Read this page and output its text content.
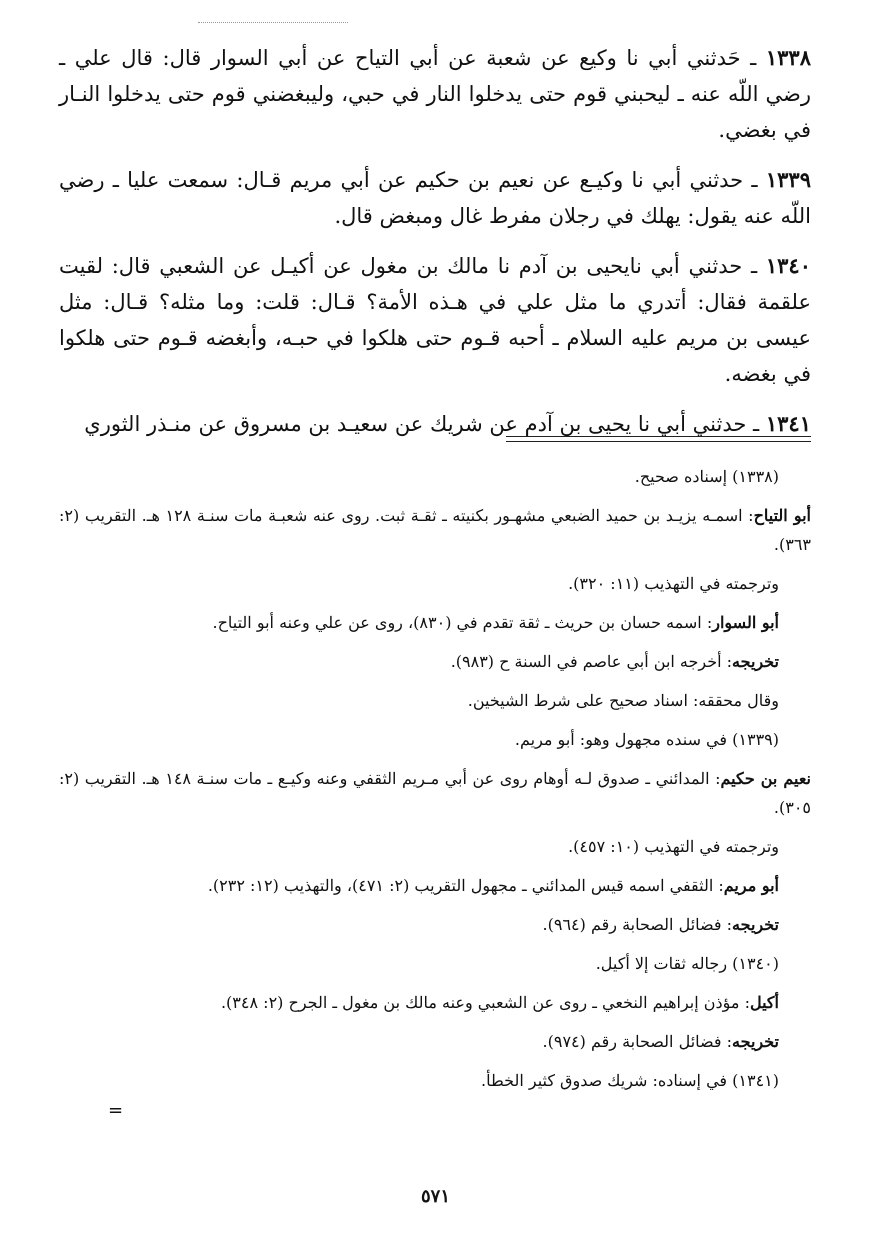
١٣٣٨ ـ حَدثني أبي نا وكيع عن شعبة عن أبي التياح عن أبي السوار قال: قال علي ـ رضي اللّه عنه ـ ليحبني قوم حتى يدخلوا النار في حبي، وليبغضني قوم حتى يدخلوا النـار في بغضي.

١٣٣٩ ـ حدثني أبي نا وكيـع عن نعيم بن حكيم عن أبي مريم قـال: سمعت عليا ـ رضي اللّه عنه يقول: يهلك في رجلان مفرط غال ومبغض قال.

١٣٤٠ ـ حدثني أبي نايحيى بن آدم نا مالك بن مغول عن أكيـل عن الشعبي قال: لقيت علقمة فقال: أتدري ما مثل علي في هـذه الأمة؟ قـال: قلت: وما مثله؟ قـال: مثل عيسى بن مريم عليه السلام ـ أحبه قـوم حتى هلكوا في حبـه، وأبغضه قـوم حتى هلكوا في بغضه.

١٣٤١ ـ حدثني أبي نا يحيى بن آدم عن شريك عن سعيـد بن مسروق عن منـذر الثوري

(١٣٣٨) إسناده صحيح.

أبو التياح: اسمـه يزيـد بن حميد الضبعي مشهـور بكنيته ـ ثقـة ثبت. روى عنه شعبـة مات سنـة ١٢٨ هـ. التقريب (٢: ٣٦٣).

وترجمته في التهذيب (١١: ٣٢٠).

أبو السوار: اسمه حسان بن حريث ـ ثقة تقدم في (٨٣٠)، روى عن علي وعنه أبو التياح.

تخريجه: أخرجه ابن أبي عاصم في السنة ح (٩٨٣).

وقال محققه: اسناد صحيح على شرط الشيخين.

(١٣٣٩) في سنده مجهول وهو: أبو مريم.

نعيم بن حكيم: المدائني ـ صدوق لـه أوهام روى عن أبي مـريم الثقفي وعنه وكيـع ـ مات سنـة ١٤٨ هـ. التقريب (٢: ٣٠٥).

وترجمته في التهذيب (١٠: ٤٥٧).

أبو مريم: الثقفي اسمه قيس المدائني ـ مجهول التقريب (٢: ٤٧١)، والتهذيب (١٢: ٢٣٢).

تخريجه: فضائل الصحابة رقم (٩٦٤).

(١٣٤٠) رجاله ثقات إلا أكيل.

أكيل: مؤذن إبراهيم النخعي ـ روى عن الشعبي وعنه مالك بن مغول ـ الجرح (٢: ٣٤٨).

تخريجه: فضائل الصحابة رقم (٩٧٤).

(١٣٤١) في إسناده: شريك صدوق كثير الخطأ.

=
٥٧١
